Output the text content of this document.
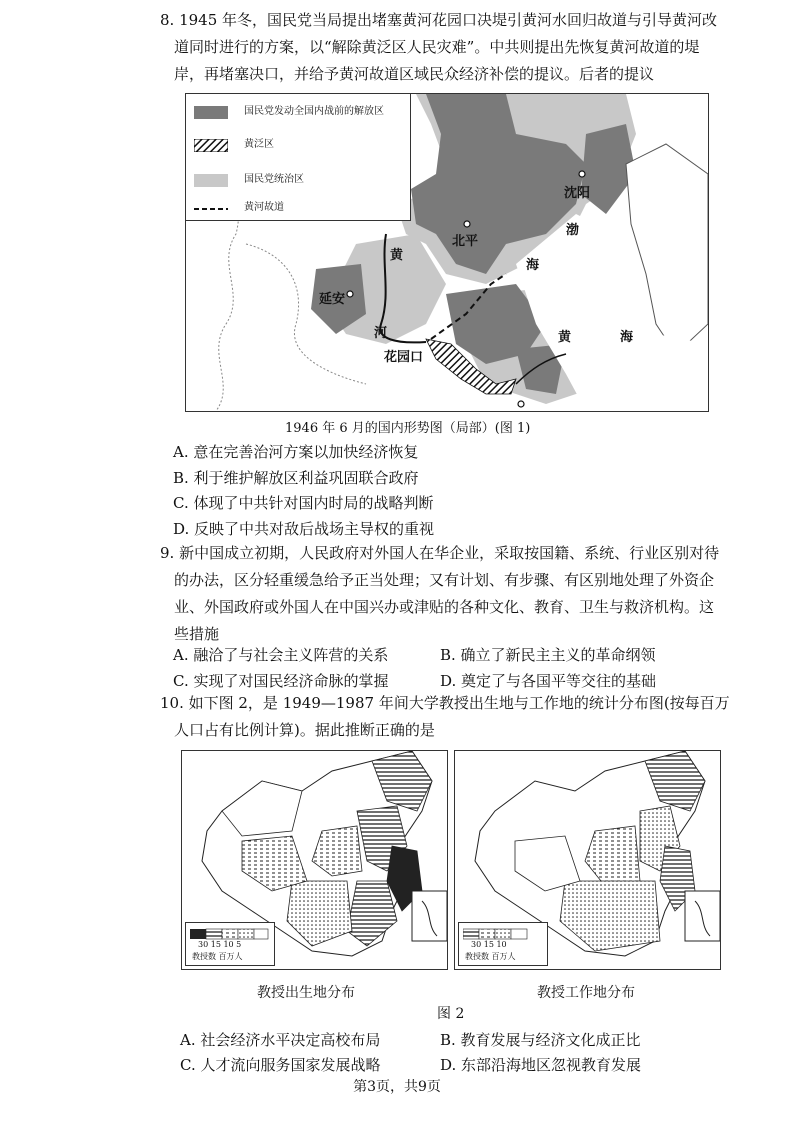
8. 1945 年冬，国民党当局提出堵塞黄河花园口决堤引黄河水回归故道与引导黄河改
道同时进行的方案，以“解除黄泛区人民灾难”。中共则提出先恢复黄河故道的堤
岸，再堵塞决口，并给予黄河故道区域民众经济补偿的提议。后者的提议
沈阳
北平
渤
海
延安
黄
河
花园口
黄	海
国民党发动全国内战前的解放区
黄泛区
国民党统治区
黄河故道
1946 年 6 月的国内形势图（局部）(图 1)
A. 意在完善治河方案以加快经济恢复
B. 利于维护解放区利益巩固联合政府
C. 体现了中共针对国内时局的战略判断
D. 反映了中共对敌后战场主导权的重视
9. 新中国成立初期，人民政府对外国人在华企业，采取按国籍、系统、行业区别对待
的办法，区分轻重缓急给予正当处理；又有计划、有步骤、有区别地处理了外资企
业、外国政府或外国人在中国兴办或津贴的各种文化、教育、卫生与救济机构。这
些措施
A. 融洽了与社会主义阵营的关系	B. 确立了新民主主义的革命纲领
C. 实现了对国民经济命脉的掌握	D. 奠定了与各国平等交往的基础
10. 如下图 2，是 1949—1987 年间大学教授出生地与工作地的统计分布图(按每百万
人口占有比例计算)。据此推断正确的是
30 15 10 5
教授数 百万人
30 15 10
教授数 百万人
教授出生地分布	教授工作地分布
图 2
A. 社会经济水平决定高校布局	B. 教育发展与经济文化成正比
C. 人才流向服务国家发展战略	D. 东部沿海地区忽视教育发展
第3页，共9页
